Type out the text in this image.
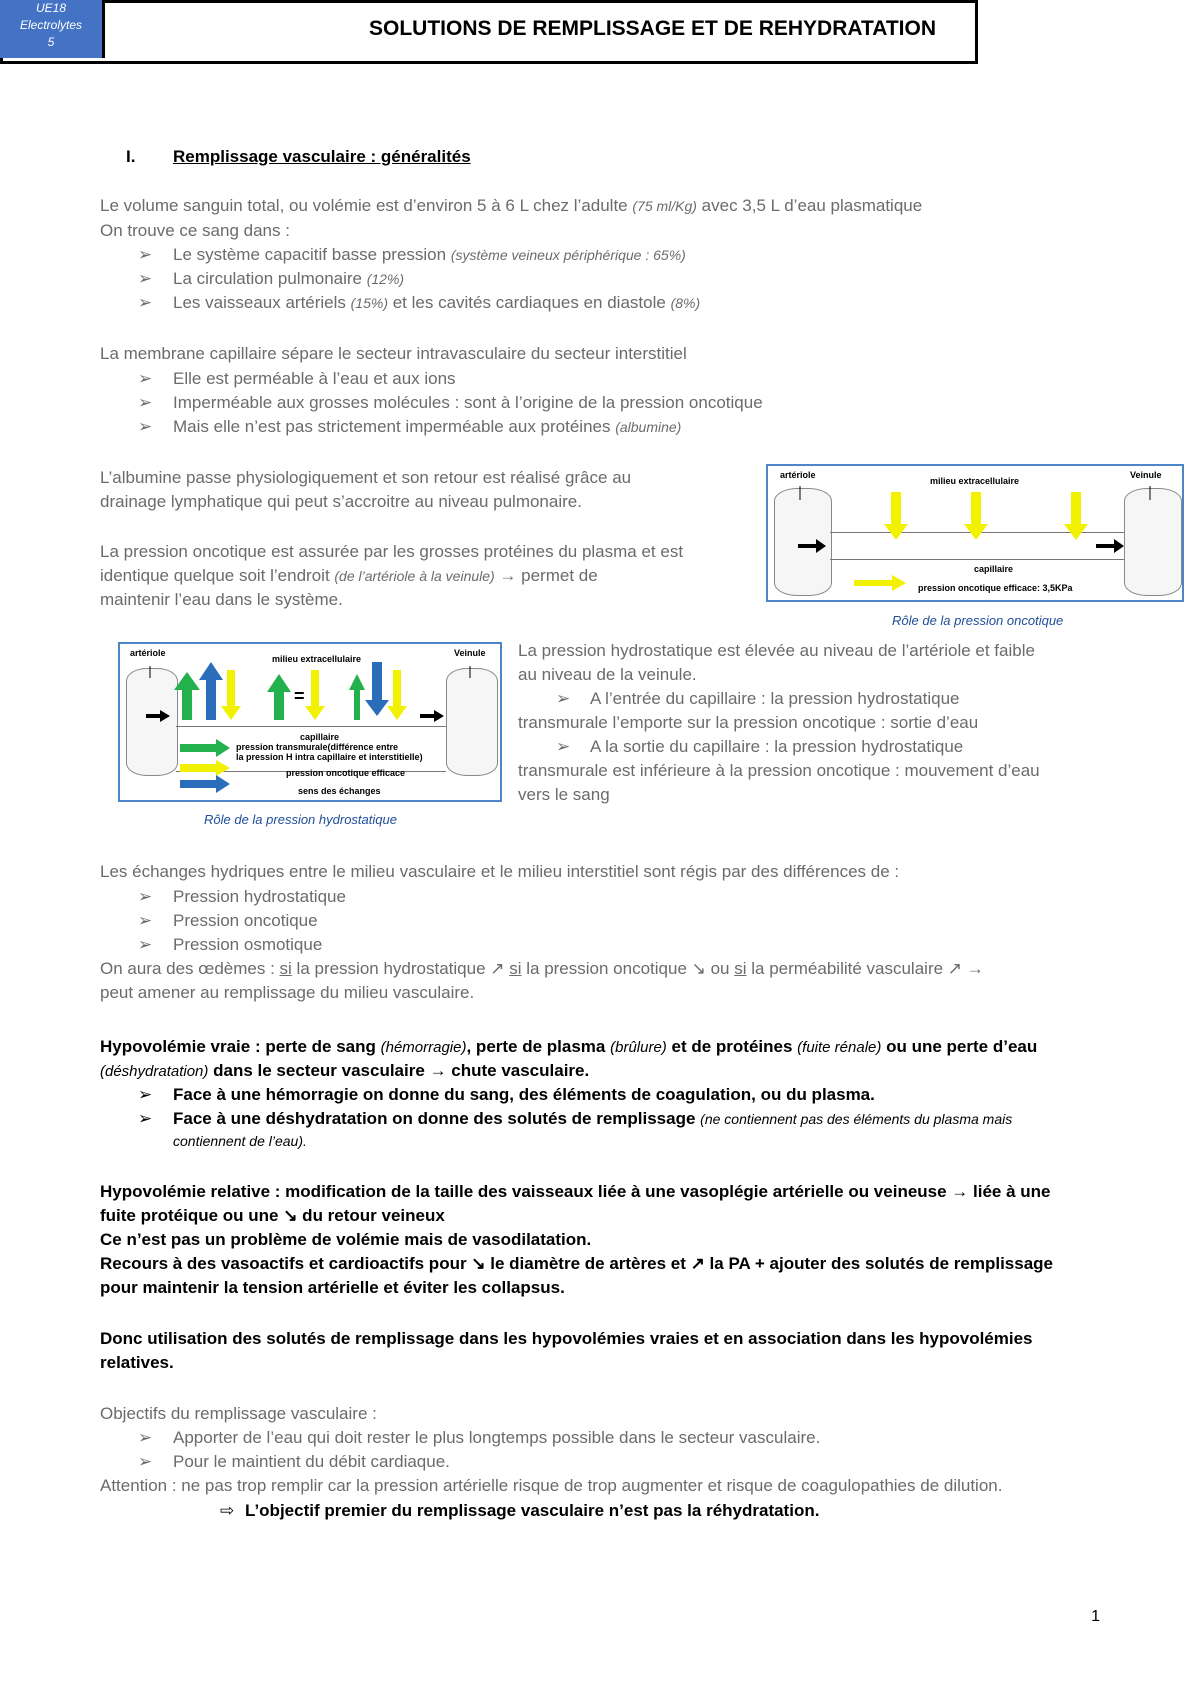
UE18
Electrolytes
5
SOLUTIONS DE REMPLISSAGE ET DE REHYDRATATION
I. Remplissage vasculaire : généralités
Le volume sanguin total, ou volémie est d’environ 5 à 6 L chez l’adulte (75 ml/Kg) avec 3,5 L d’eau plasmatique
On trouve ce sang dans :
➢ Le système capacitif basse pression (système veineux périphérique : 65%)
➢ La circulation pulmonaire (12%)
➢ Les vaisseaux artériels (15%) et les cavités cardiaques en diastole (8%)
La membrane capillaire sépare le secteur intravasculaire du secteur interstitiel
➢ Elle est perméable à l’eau et aux ions
➢ Imperméable aux grosses molécules : sont à l’origine de la pression oncotique
➢ Mais elle n’est pas strictement imperméable aux protéines (albumine)
L’albumine passe physiologiquement et son retour est réalisé grâce au
drainage lymphatique qui peut s’accroitre au niveau pulmonaire.
La pression oncotique est assurée par les grosses protéines du plasma et est
identique quelque soit l’endroit (de l’artériole à la veinule) → permet de
maintenir l’eau dans le système.
artériole
milieu extracellulaire
Veinule
capillaire
pression oncotique efficace: 3,5KPa
Rôle de la pression oncotique
artériole
milieu extracellulaire
Veinule
capillaire
pression transmurale(différence entre
la pression H intra capillaire et interstitielle)
pression oncotique efficace
sens des échanges
=
Rôle de la pression hydrostatique
La pression hydrostatique est élevée au niveau de l’artériole et faible
au niveau de la veinule.
➢ A l’entrée du capillaire : la pression hydrostatique
transmurale l’emporte sur la pression oncotique : sortie d’eau
➢ A la sortie du capillaire : la pression hydrostatique
transmurale est inférieure à la pression oncotique : mouvement d’eau
vers le sang
Les échanges hydriques entre le milieu vasculaire et le milieu interstitiel sont régis par des différences de :
➢ Pression hydrostatique
➢ Pression oncotique
➢ Pression osmotique
On aura des œdèmes : si la pression hydrostatique ↗ si la pression oncotique ↘ ou si la perméabilité vasculaire ↗ →
peut amener au remplissage du milieu vasculaire.
Hypovolémie vraie : perte de sang (hémorragie), perte de plasma (brûlure) et de protéines (fuite rénale) ou une perte d’eau
(déshydratation) dans le secteur vasculaire → chute vasculaire.
➢ Face à une hémorragie on donne du sang, des éléments de coagulation, ou du plasma.
➢ Face à une déshydratation on donne des solutés de remplissage (ne contiennent pas des éléments du plasma mais
contiennent de l’eau).
Hypovolémie relative : modification de la taille des vaisseaux liée à une vasoplégie artérielle ou veineuse → liée à une
fuite protéique ou une ↘ du retour veineux
Ce n’est pas un problème de volémie mais de vasodilatation.
Recours à des vasoactifs et cardioactifs pour ↘ le diamètre de artères et ↗ la PA + ajouter des solutés de remplissage
pour maintenir la tension artérielle et éviter les collapsus.
Donc utilisation des solutés de remplissage dans les hypovolémies vraies et en association dans les hypovolémies
relatives.
Objectifs du remplissage vasculaire :
➢ Apporter de l’eau qui doit rester le plus longtemps possible dans le secteur vasculaire.
➢ Pour le maintient du débit cardiaque.
Attention : ne pas trop remplir car la pression artérielle risque de trop augmenter et risque de coagulopathies de dilution.
⇨ L’objectif premier du remplissage vasculaire n’est pas la réhydratation.
1
